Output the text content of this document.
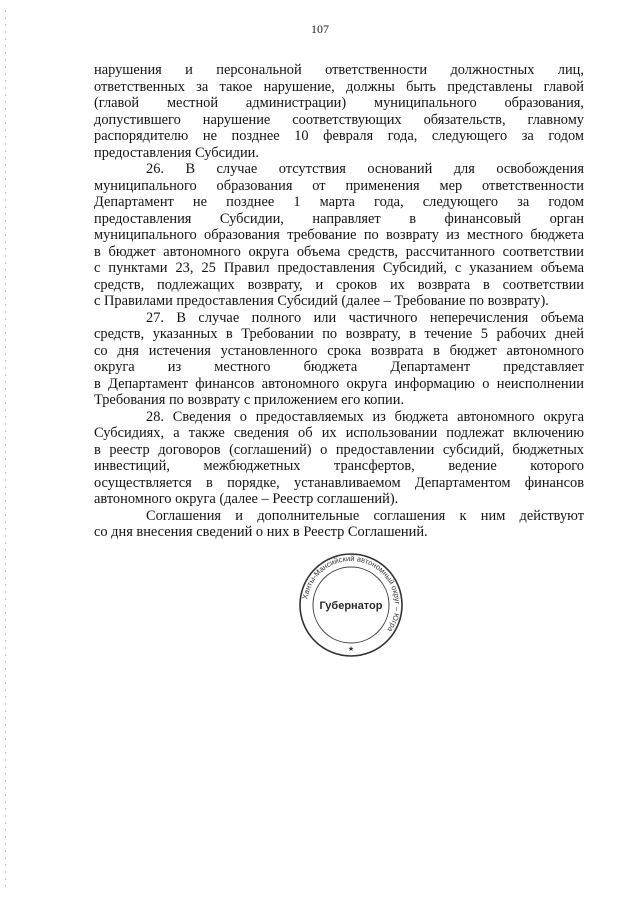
107

нарушения и персональной ответственности должностных лиц,
ответственных за такое нарушение, должны быть представлены главой
(главой местной администрации) муниципального образования,
допустившего нарушение соответствующих обязательств, главному
распорядителю не позднее 10 февраля года, следующего за годом
предоставления Субсидии.

26. В случае отсутствия оснований для освобождения
муниципального образования от применения мер ответственности
Департамент не позднее 1 марта года, следующего за годом
предоставления Субсидии, направляет в финансовый орган
муниципального образования требование по возврату из местного бюджета
в бюджет автономного округа объема средств, рассчитанного соответствии
с пунктами 23, 25 Правил предоставления Субсидий, с указанием объема
средств, подлежащих возврату, и сроков их возврата в соответствии
с Правилами предоставления Субсидий (далее – Требование по возврату).

27. В случае полного или частичного неперечисления объема
средств, указанных в Требовании по возврату, в течение 5 рабочих дней
со дня истечения установленного срока возврата в бюджет автономного
округа из местного бюджета Департамент представляет
в Департамент финансов автономного округа информацию о неисполнении
Требования по возврату с приложением его копии.

28. Сведения о предоставляемых из бюджета автономного округа
Субсидиях, а также сведения об их использовании подлежат включению
в реестр договоров (соглашений) о предоставлении субсидий, бюджетных
инвестиций, межбюджетных трансфертов, ведение которого
осуществляется в порядке, устанавливаемом Департаментом финансов
автономного округа (далее – Реестр соглашений).

Соглашения и дополнительные соглашения к ним действуют
со дня внесения сведений о них в Реестр Соглашений.

Ханты-Мансийский автономный округ – Югра
Губернатор
★
